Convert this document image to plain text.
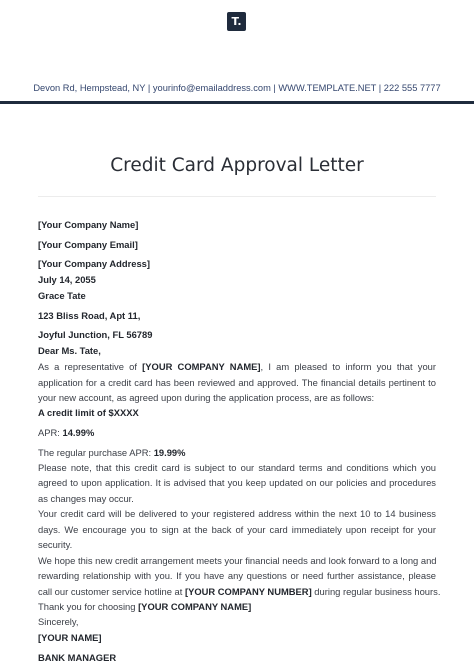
T.
Devon Rd, Hempstead, NY | yourinfo@emailaddress.com | WWW.TEMPLATE.NET | 222 555 7777
Credit Card Approval Letter
[Your Company Name]
[Your Company Email]
[Your Company Address]
July 14, 2055
Grace Tate
123 Bliss Road, Apt 11,
Joyful Junction, FL 56789
Dear Ms. Tate,
As a representative of [YOUR COMPANY NAME], I am pleased to inform you that your
application for a credit card has been reviewed and approved. The financial details pertinent to
your new account, as agreed upon during the application process, are as follows:
A credit limit of $XXXX
APR: 14.99%
The regular purchase APR: 19.99%
Please note, that this credit card is subject to our standard terms and conditions which you
agreed to upon application. It is advised that you keep updated on our policies and procedures
as changes may occur.
Your credit card will be delivered to your registered address within the next 10 to 14 business
days. We encourage you to sign at the back of your card immediately upon receipt for your
security.
We hope this new credit arrangement meets your financial needs and look forward to a long and
rewarding relationship with you. If you have any questions or need further assistance, please
call our customer service hotline at [YOUR COMPANY NUMBER] during regular business hours.
Thank you for choosing [YOUR COMPANY NAME]
Sincerely,
[YOUR NAME]
BANK MANAGER
